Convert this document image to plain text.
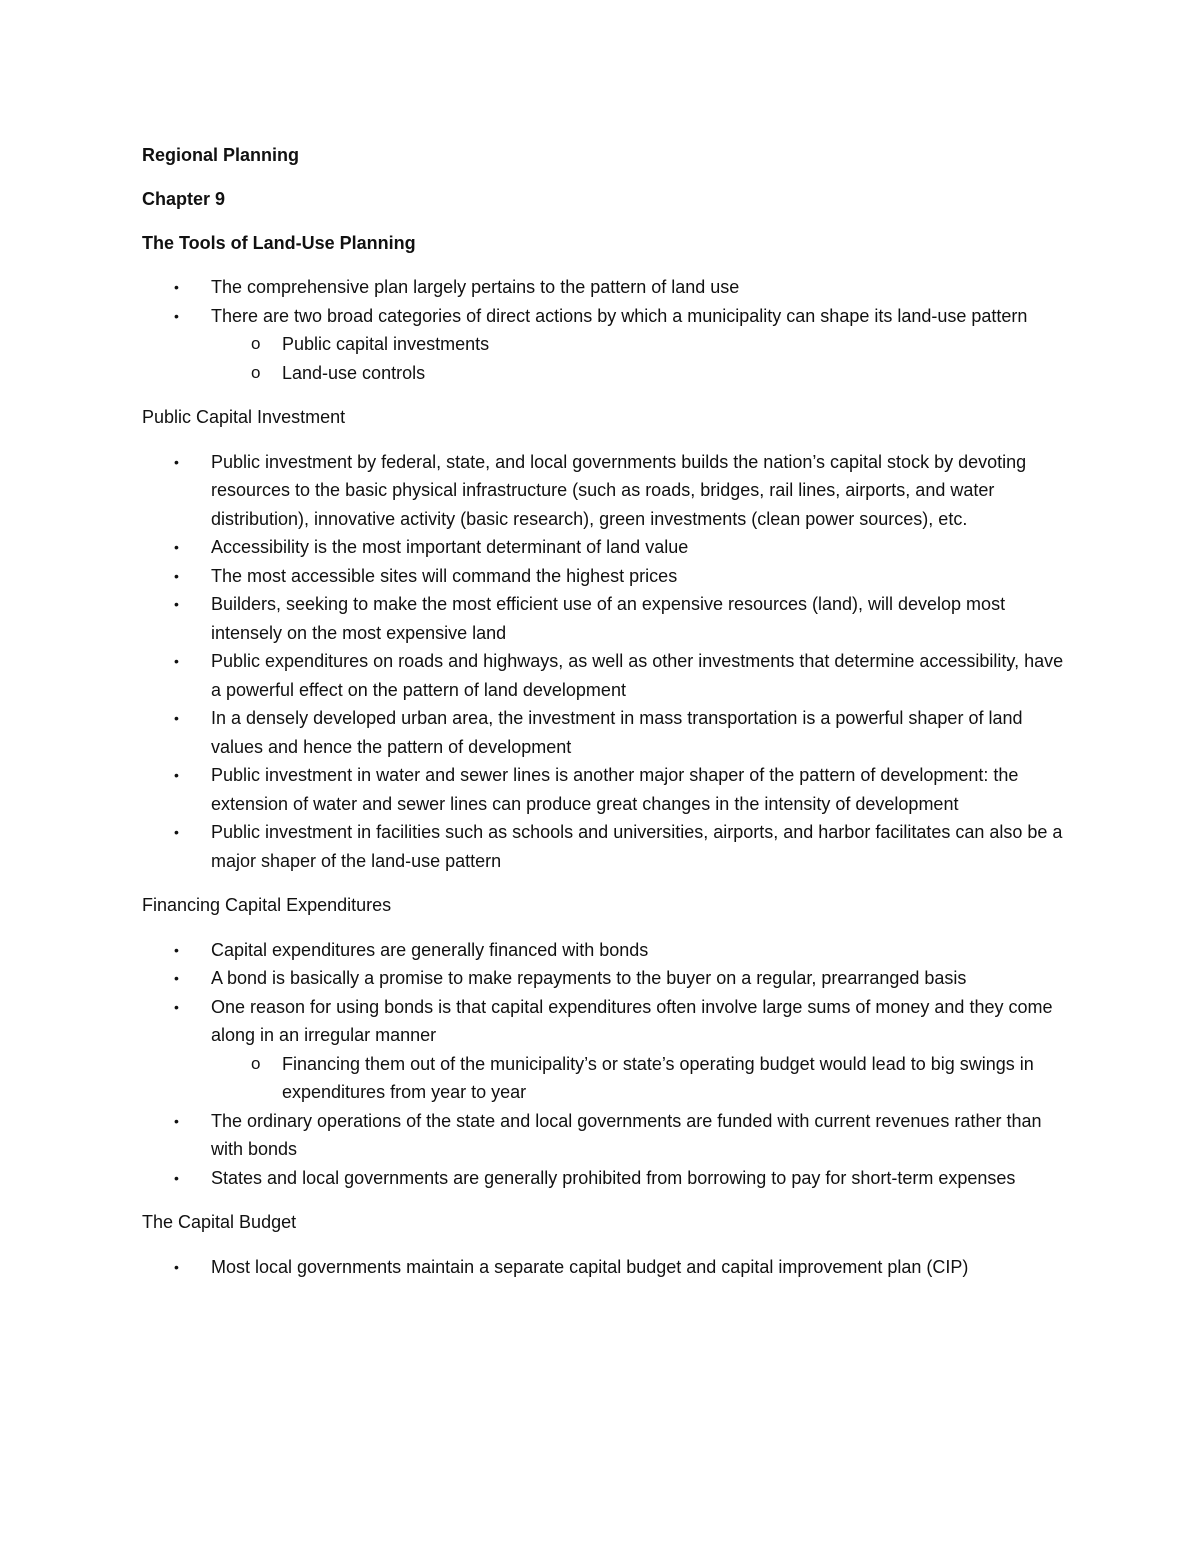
Regional Planning

Chapter 9

The Tools of Land-Use Planning

• The comprehensive plan largely pertains to the pattern of land use
• There are two broad categories of direct actions by which a municipality can shape its land-use pattern
o Public capital investments
o Land-use controls

Public Capital Investment

• Public investment by federal, state, and local governments builds the nation’s capital stock by devoting resources to the basic physical infrastructure (such as roads, bridges, rail lines, airports, and water distribution), innovative activity (basic research), green investments (clean power sources), etc.
• Accessibility is the most important determinant of land value
• The most accessible sites will command the highest prices
• Builders, seeking to make the most efficient use of an expensive resources (land), will develop most intensely on the most expensive land
• Public expenditures on roads and highways, as well as other investments that determine accessibility, have a powerful effect on the pattern of land development
• In a densely developed urban area, the investment in mass transportation is a powerful shaper of land values and hence the pattern of development
• Public investment in water and sewer lines is another major shaper of the pattern of development: the extension of water and sewer lines can produce great changes in the intensity of development
• Public investment in facilities such as schools and universities, airports, and harbor facilitates can also be a major shaper of the land-use pattern

Financing Capital Expenditures

• Capital expenditures are generally financed with bonds
• A bond is basically a promise to make repayments to the buyer on a regular, prearranged basis
• One reason for using bonds is that capital expenditures often involve large sums of money and they come along in an irregular manner
o Financing them out of the municipality’s or state’s operating budget would lead to big swings in expenditures from year to year
• The ordinary operations of the state and local governments are funded with current revenues rather than with bonds
• States and local governments are generally prohibited from borrowing to pay for short-term expenses

The Capital Budget

• Most local governments maintain a separate capital budget and capital improvement plan (CIP)
